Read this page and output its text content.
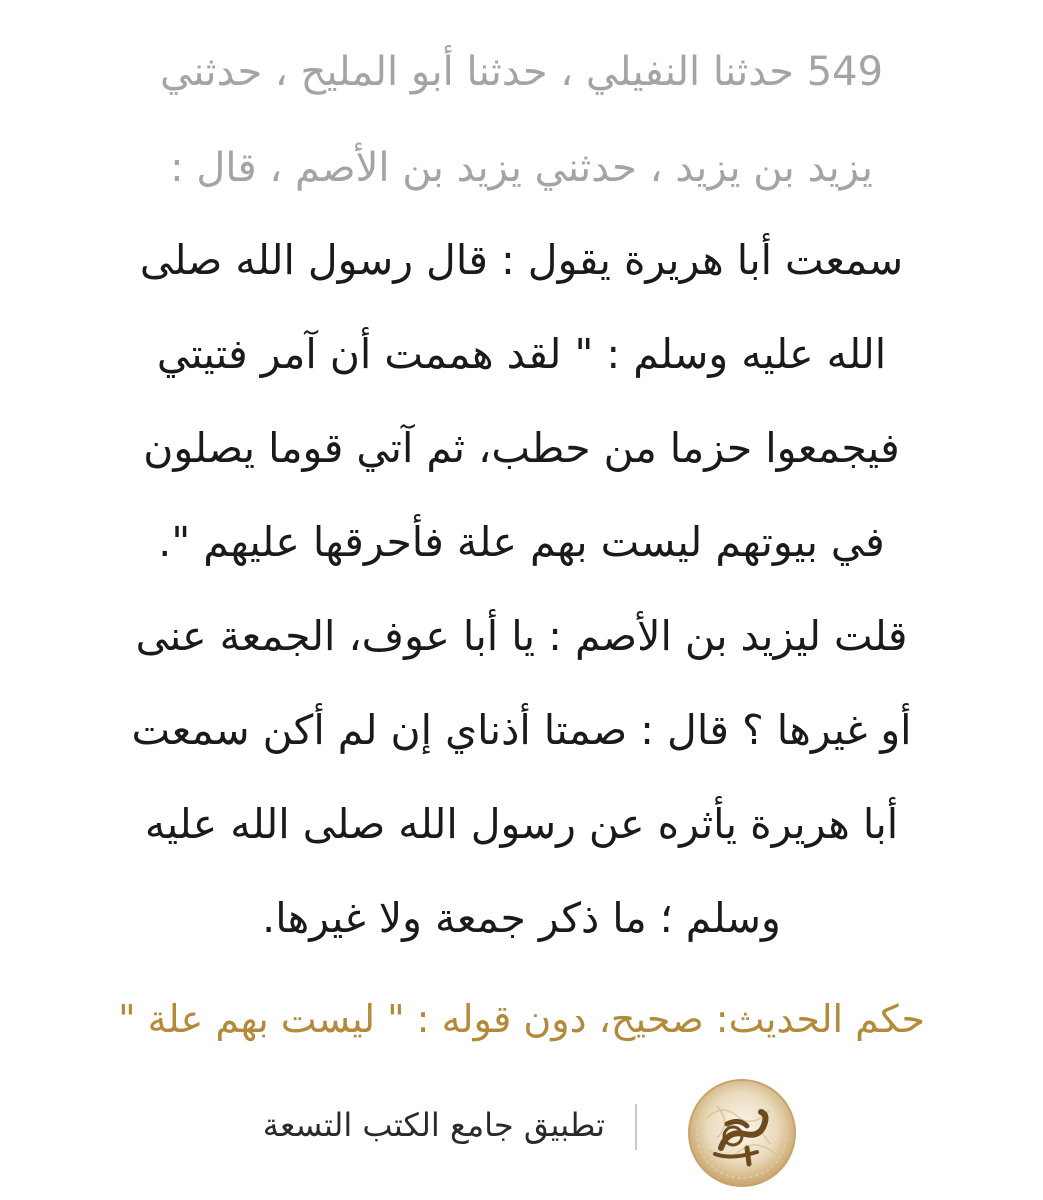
549 حدثنا النفيلي ، حدثنا أبو المليح ، حدثني
يزيد بن يزيد ، حدثني يزيد بن الأصم ، قال :
سمعت أبا هريرة يقول : قال رسول الله صلى
الله عليه وسلم : " لقد هممت أن آمر فتيتي
فيجمعوا حزما من حطب، ثم آتي قوما يصلون
في بيوتهم ليست بهم علة فأحرقها عليهم ".
قلت ليزيد بن الأصم : يا أبا عوف، الجمعة عنى
أو غيرها ؟ قال : صمتا أذناي إن لم أكن سمعت
أبا هريرة يأثره عن رسول الله صلى الله عليه
وسلم ؛ ما ذكر جمعة ولا غيرها.
حكم الحديث: صحيح، دون قوله : " ليست بهم علة "
تطبيق جامع الكتب التسعة
